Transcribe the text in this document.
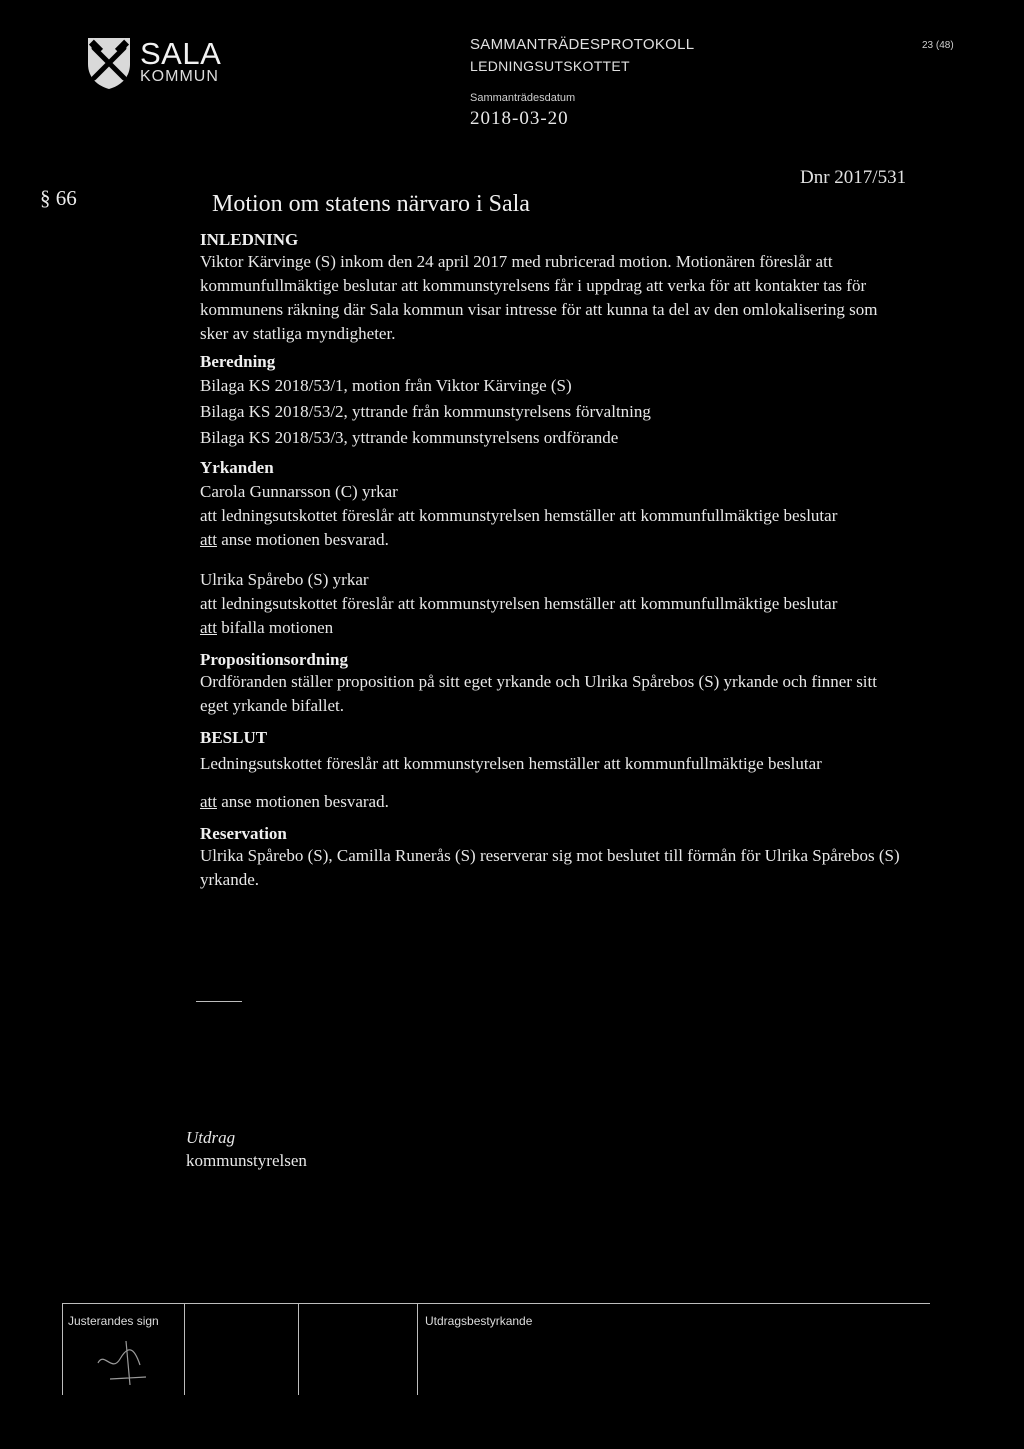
SALA
KOMMUN
SAMMANTRÄDESPROTOKOLL
LEDNINGSUTSKOTTET
Sammanträdesdatum
2018-03-20
23 (48)
§ 66
Dnr 2017/531
Motion om statens närvaro i Sala

INLEDNING

Viktor Kärvinge (S) inkom den 24 april 2017 med rubricerad motion. Motionären föreslår att kommunfullmäktige beslutar att kommunstyrelsens får i uppdrag att verka för att kontakter tas för kommunens räkning där Sala kommun visar intresse för att kunna ta del av den omlokalisering som sker av statliga myndigheter.

Beredning

Bilaga KS 2018/53/1, motion från Viktor Kärvinge (S)

Bilaga KS 2018/53/2, yttrande från kommunstyrelsens förvaltning

Bilaga KS 2018/53/3, yttrande kommunstyrelsens ordförande

Yrkanden

Carola Gunnarsson (C) yrkar

att ledningsutskottet föreslår att kommunstyrelsen hemställer att kommunfullmäktige beslutar

att anse motionen besvarad.

Ulrika Spårebo (S) yrkar

att ledningsutskottet föreslår att kommunstyrelsen hemställer att kommunfullmäktige beslutar

att bifalla motionen

Propositionsordning

Ordföranden ställer proposition på sitt eget yrkande och Ulrika Spårebos (S) yrkande och finner sitt eget yrkande bifallet.

BESLUT

Ledningsutskottet föreslår att kommunstyrelsen hemställer att kommunfullmäktige beslutar

att anse motionen besvarad.

Reservation

Ulrika Spårebo (S), Camilla Runerås (S) reserverar sig mot beslutet till förmån för Ulrika Spårebos (S) yrkande.

Utdrag
kommunstyrelsen
Justerandes sign	Utdragsbestyrkande
